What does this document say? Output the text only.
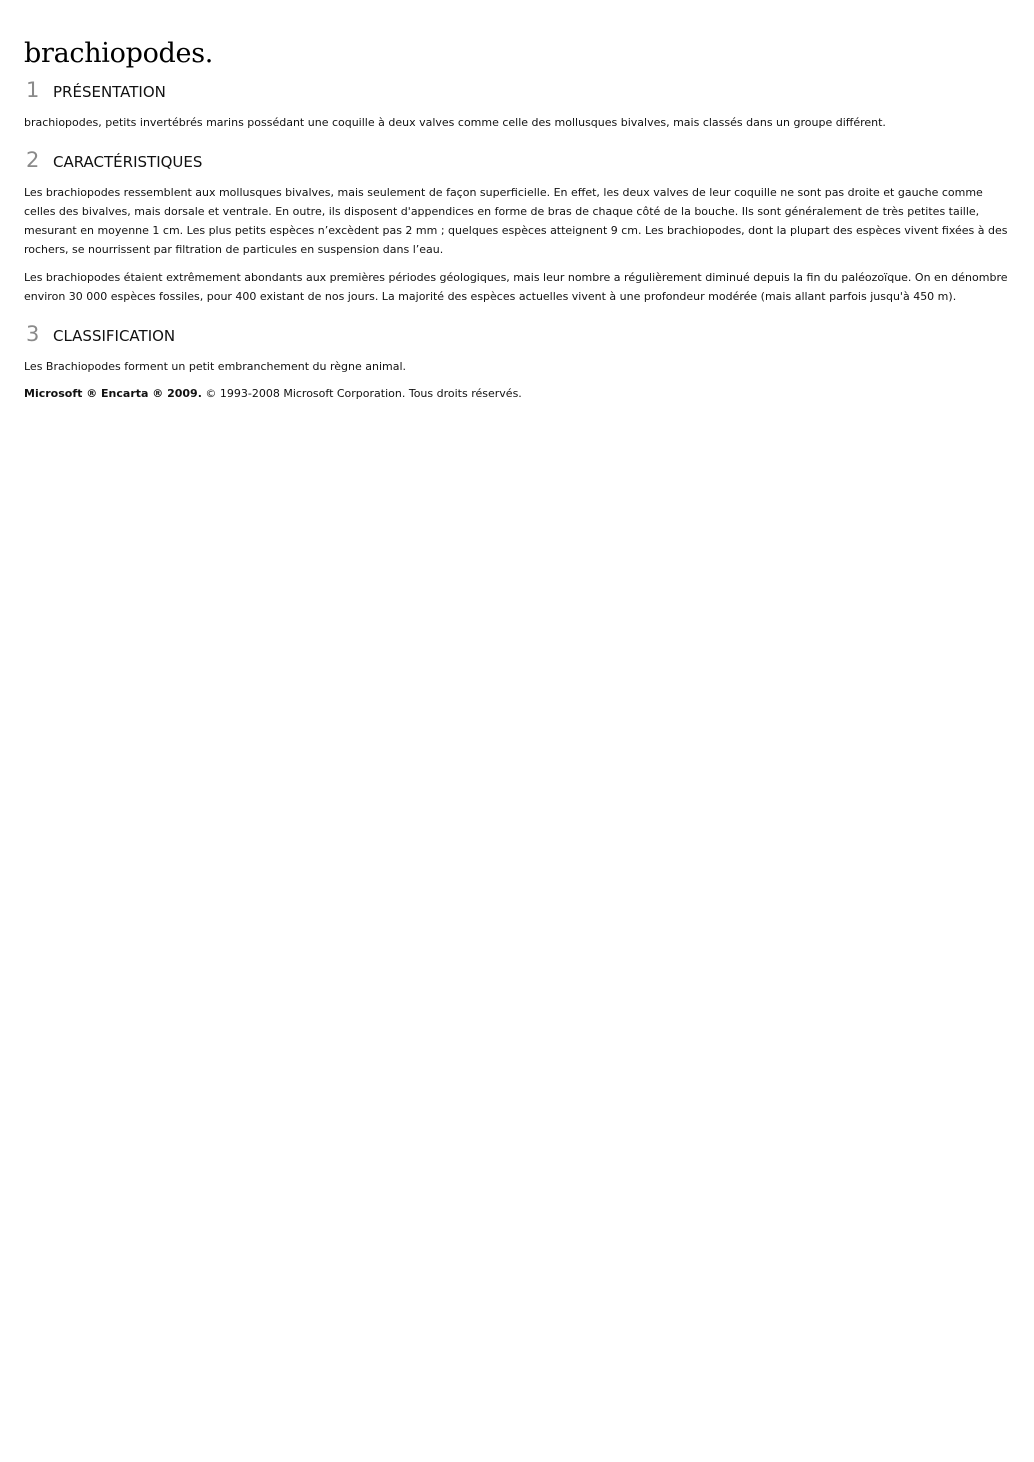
brachiopodes.
1 PRÉSENTATION

brachiopodes, petits invertébrés marins possédant une coquille à deux valves comme celle des mollusques bivalves, mais classés dans un groupe différent.

2 CARACTÉRISTIQUES

Les brachiopodes ressemblent aux mollusques bivalves, mais seulement de façon superficielle. En effet, les deux valves de leur coquille ne sont pas droite et gauche comme celles des bivalves, mais dorsale et ventrale. En outre, ils disposent d'appendices en forme de bras de chaque côté de la bouche. Ils sont généralement de très petites taille, mesurant en moyenne 1 cm. Les plus petits espèces n’excèdent pas 2 mm ; quelques espèces atteignent 9 cm. Les brachiopodes, dont la plupart des espèces vivent fixées à des rochers, se nourrissent par filtration de particules en suspension dans l’eau.

Les brachiopodes étaient extrêmement abondants aux premières périodes géologiques, mais leur nombre a régulièrement diminué depuis la fin du paléozoïque. On en dénombre environ 30 000 espèces fossiles, pour 400 existant de nos jours. La majorité des espèces actuelles vivent à une profondeur modérée (mais allant parfois jusqu'à 450 m).

3 CLASSIFICATION

Les Brachiopodes forment un petit embranchement du règne animal.

Microsoft ® Encarta ® 2009. © 1993-2008 Microsoft Corporation. Tous droits réservés.
